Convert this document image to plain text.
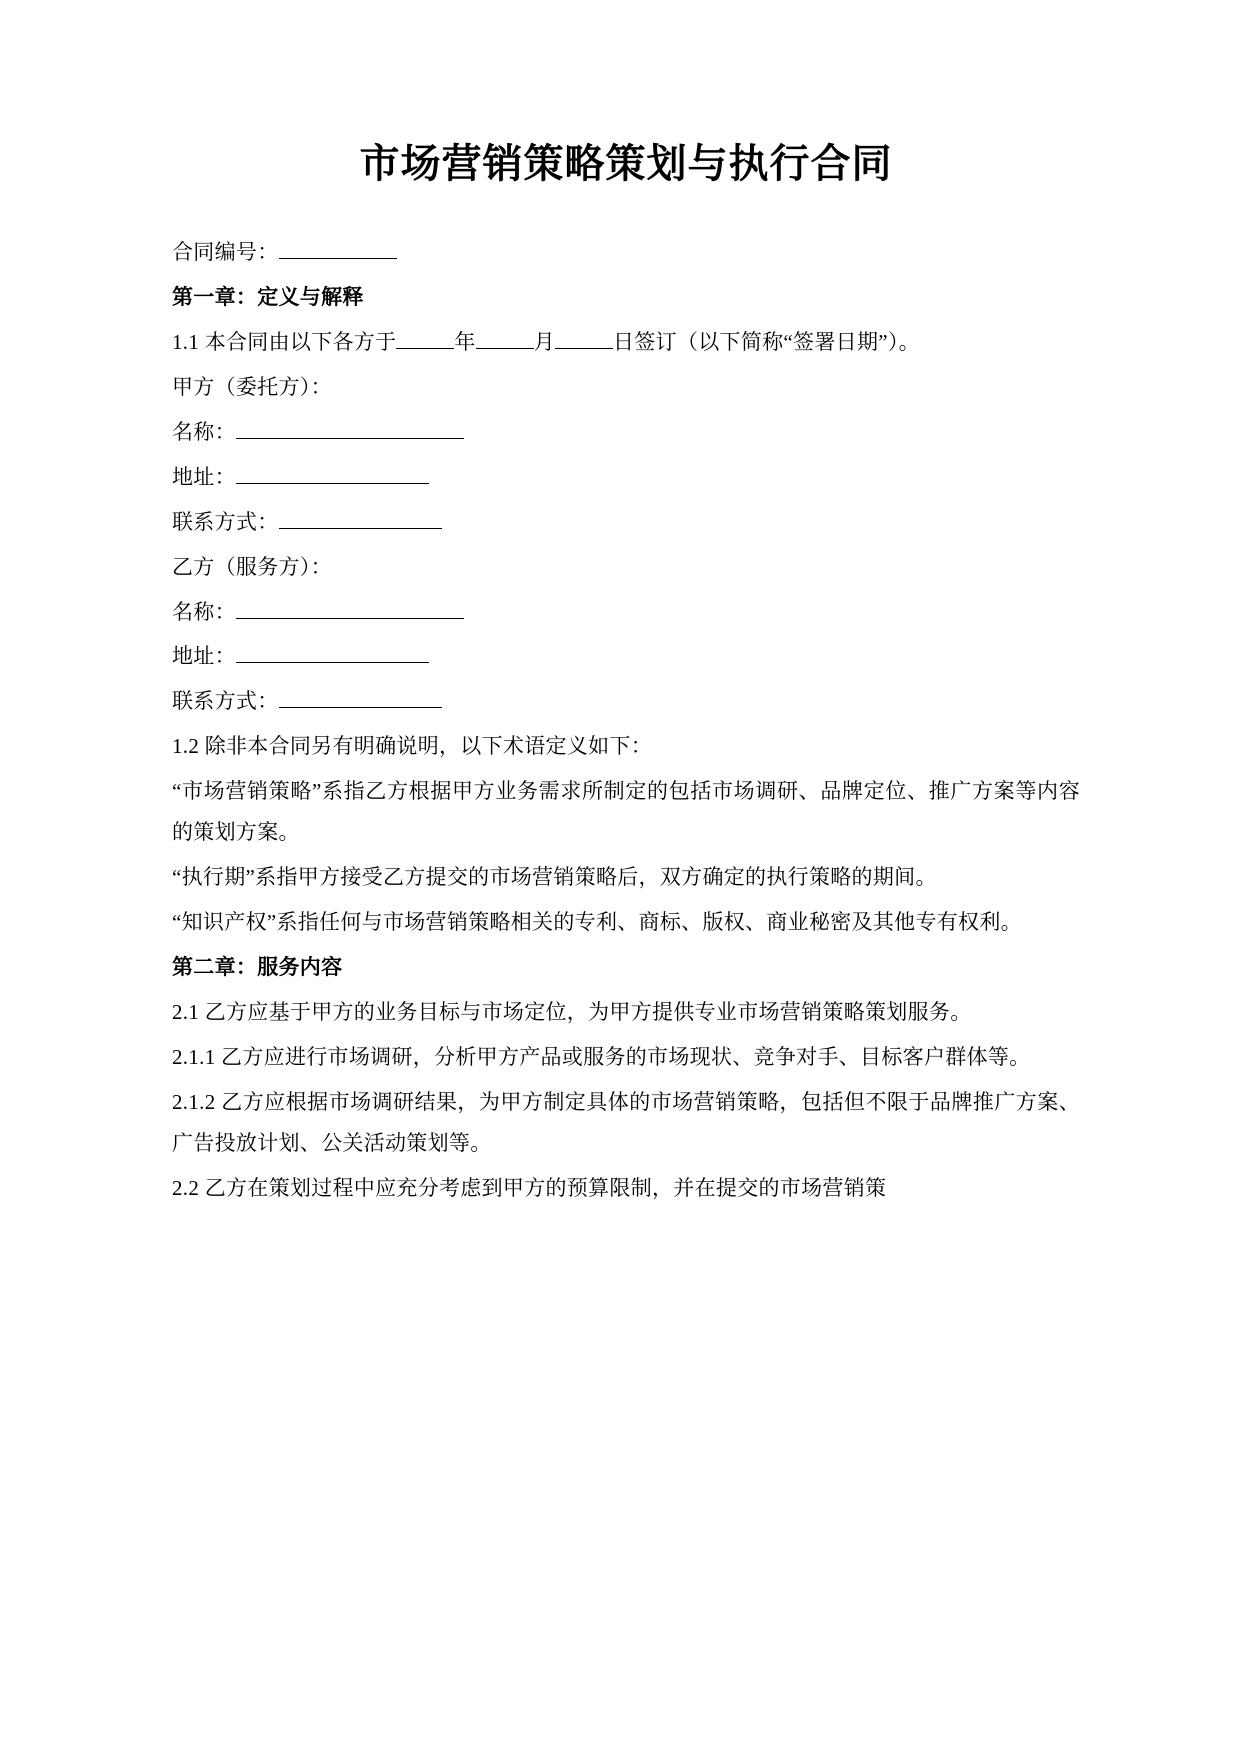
市场营销策略策划与执行合同

合同编号：

第一章：定义与解释

1.1 本合同由以下各方于	年	月	日签订（以下简称“签署日期”）。

甲方（委托方）：

名称：

地址：

联系方式：

乙方（服务方）：

名称：

地址：

联系方式：

1.2 除非本合同另有明确说明，以下术语定义如下：

“市场营销策略”系指乙方根据甲方业务需求所制定的包括市场调研、品牌定位、推广方案等内容的策划方案。

“执行期”系指甲方接受乙方提交的市场营销策略后，双方确定的执行策略的期间。

“知识产权”系指任何与市场营销策略相关的专利、商标、版权、商业秘密及其他专有权利。

第二章：服务内容

2.1 乙方应基于甲方的业务目标与市场定位，为甲方提供专业市场营销策略策划服务。

2.1.1 乙方应进行市场调研，分析甲方产品或服务的市场现状、竞争对手、目标客户群体等。

2.1.2 乙方应根据市场调研结果，为甲方制定具体的市场营销策略，包括但不限于品牌推广方案、广告投放计划、公关活动策划等。

2.2 乙方在策划过程中应充分考虑到甲方的预算限制，并在提交的市场营销策
